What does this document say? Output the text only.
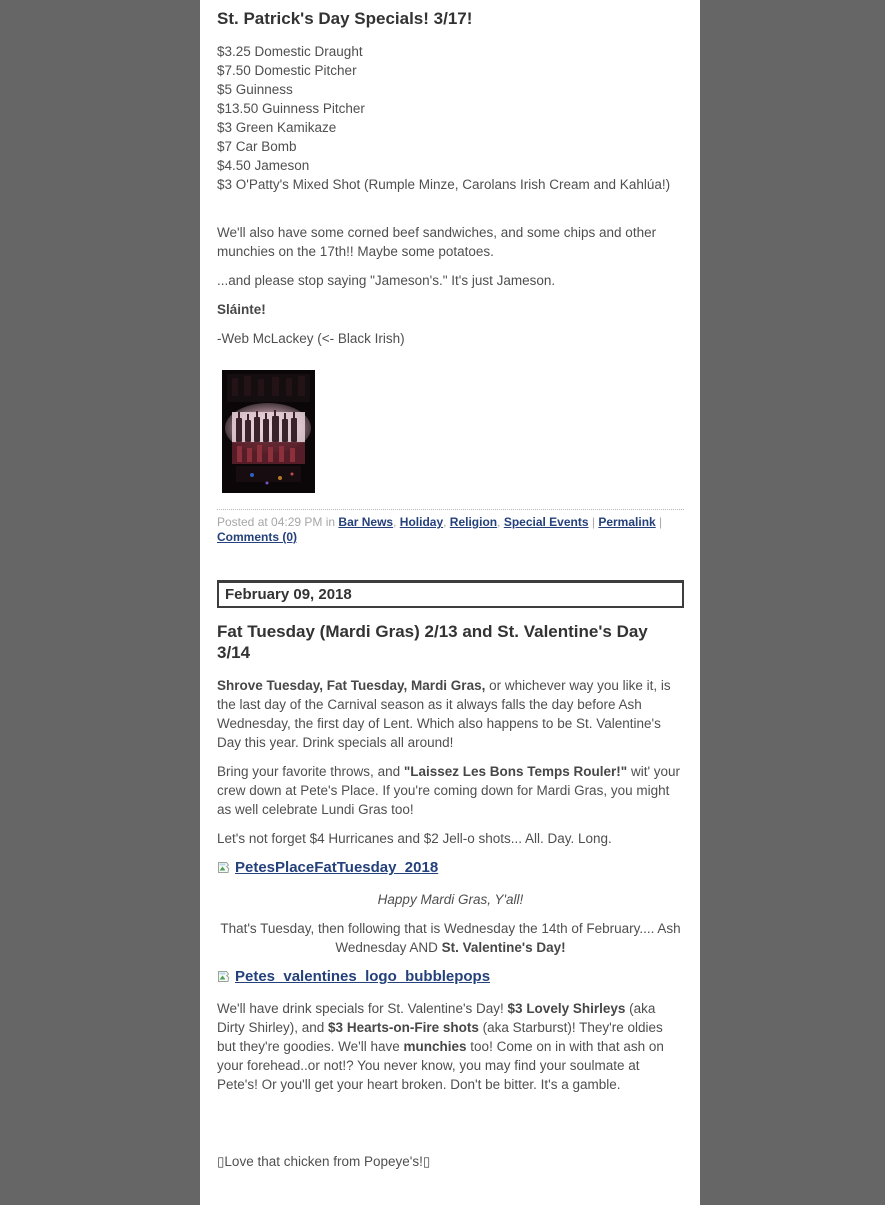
St. Patrick's Day Specials! 3/17!
$3.25 Domestic Draught
$7.50 Domestic Pitcher
$5 Guinness
$13.50 Guinness Pitcher
$3 Green Kamikaze
$7 Car Bomb
$4.50 Jameson
$3 O'Patty's Mixed Shot (Rumple Minze, Carolans Irish Cream and Kahlúa!)

We'll also have some corned beef sandwiches, and some chips and other munchies on the 17th!! Maybe some potatoes.

...and please stop saying "Jameson's." It's just Jameson.

Sláinte!

-Web McLackey (<- Black Irish)

Posted at 04:29 PM in Bar News, Holiday, Religion, Special Events | Permalink | Comments (0)
February 09, 2018
Fat Tuesday (Mardi Gras) 2/13 and St. Valentine's Day 3/14

Shrove Tuesday, Fat Tuesday, Mardi Gras, or whichever way you like it, is the last day of the Carnival season as it always falls the day before Ash Wednesday, the first day of Lent. Which also happens to be St. Valentine's Day this year. Drink specials all around!

Bring your favorite throws, and "Laissez Les Bons Temps Rouler!" wit' your crew down at Pete's Place. If you're coming down for Mardi Gras, you might as well celebrate Lundi Gras too!

Let's not forget $4 Hurricanes and $2 Jell-o shots... All. Day. Long.

PetesPlaceFatTuesday_2018

Happy Mardi Gras, Y'all!

That's Tuesday, then following that is Wednesday the 14th of February.... Ash Wednesday AND St. Valentine's Day!

Petes_valentines_logo_bubblepops

We'll have drink specials for St. Valentine's Day! $3 Lovely Shirleys (aka Dirty Shirley), and $3 Hearts-on-Fire shots (aka Starburst)! They're oldies but they're goodies. We'll have munchies too! Come on in with that ash on your forehead..or not!? You never know, you may find your soulmate at Pete's! Or you'll get your heart broken. Don't be bitter. It's a gamble.

▯Love that chicken from Popeye's!▯
